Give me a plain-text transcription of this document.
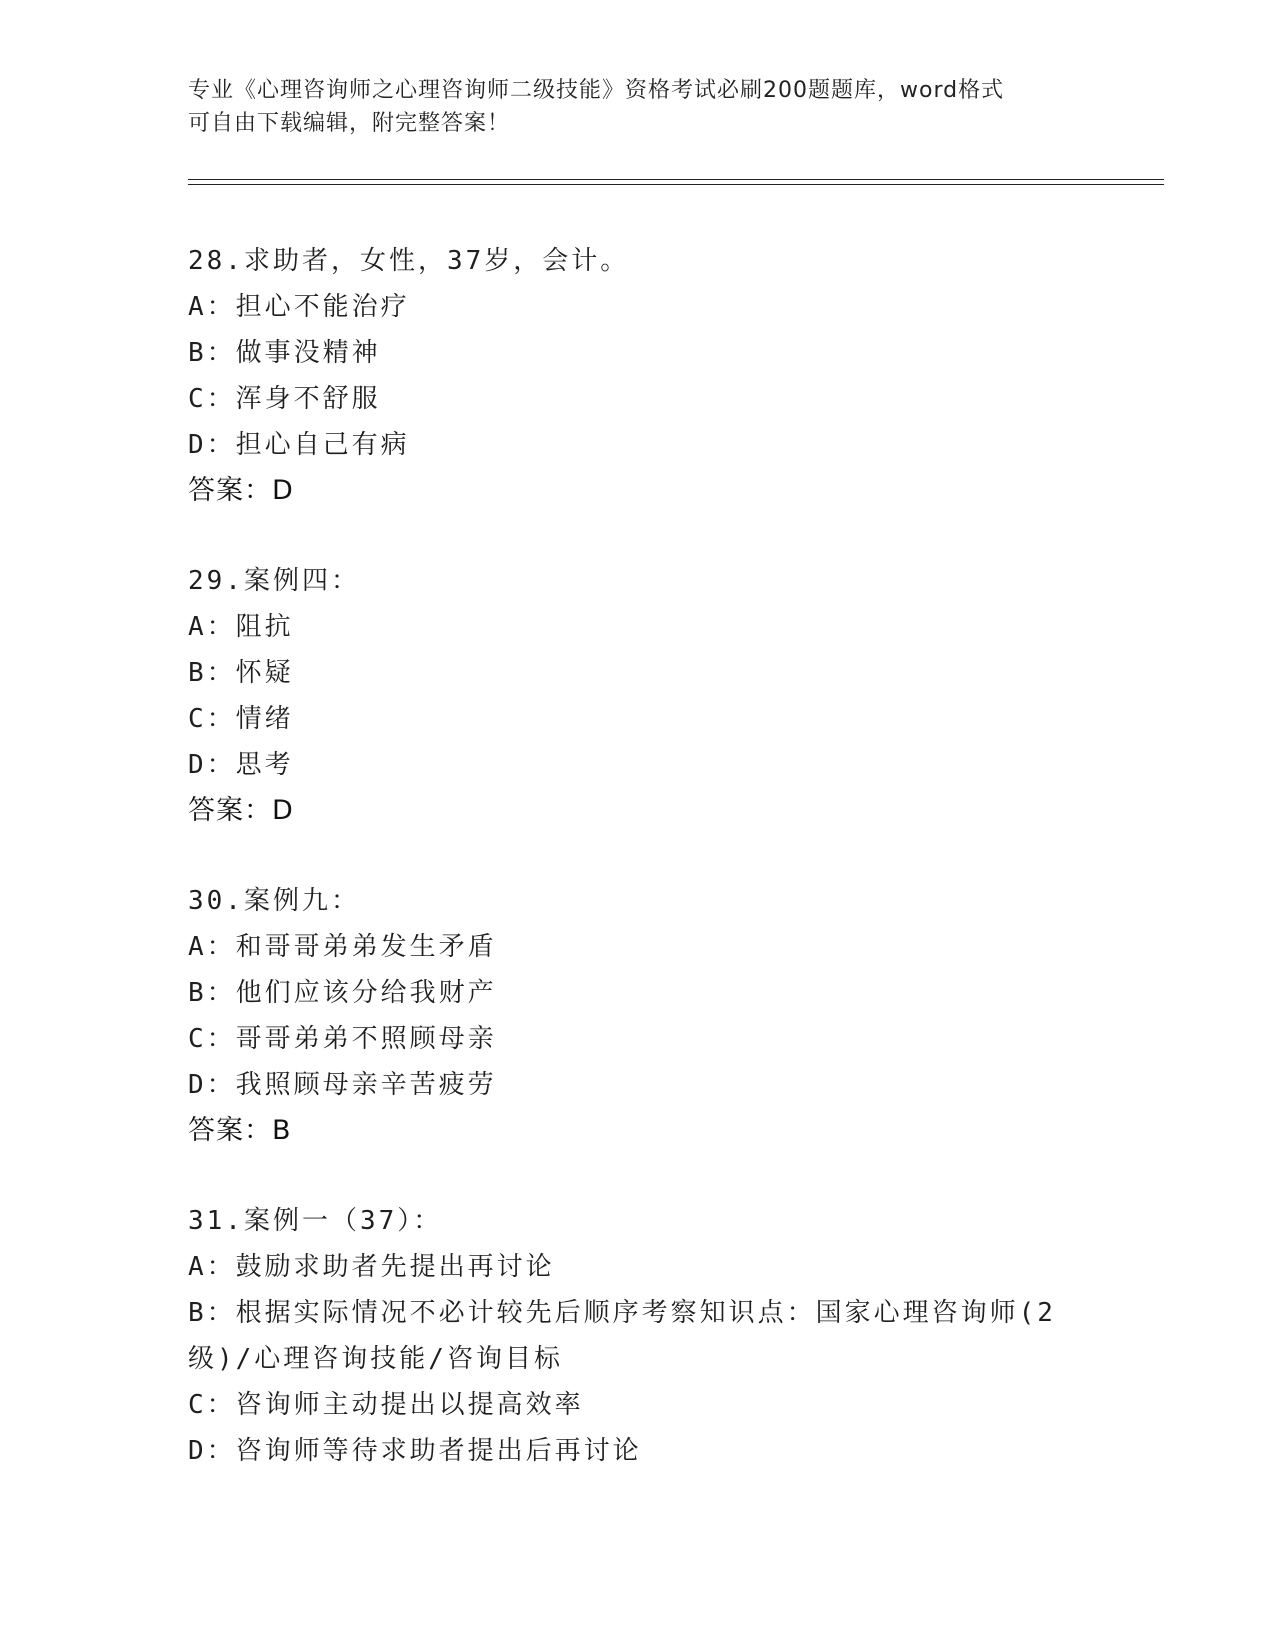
专业《心理咨询师之心理咨询师二级技能》资格考试必刷200题题库，word格式
可自由下载编辑，附完整答案！
28.求助者，女性，37岁，会计。
A：担心不能治疗
B：做事没精神
C：浑身不舒服
D：担心自己有病
答案：D
29.案例四：
A：阻抗
B：怀疑
C：情绪
D：思考
答案：D
30.案例九：
A：和哥哥弟弟发生矛盾
B：他们应该分给我财产
C：哥哥弟弟不照顾母亲
D：我照顾母亲辛苦疲劳
答案：B
31.案例一（37）：
A：鼓励求助者先提出再讨论
B：根据实际情况不必计较先后顺序考察知识点：国家心理咨询师(2级)/心理咨询技能/咨询目标
C：咨询师主动提出以提高效率
D：咨询师等待求助者提出后再讨论
